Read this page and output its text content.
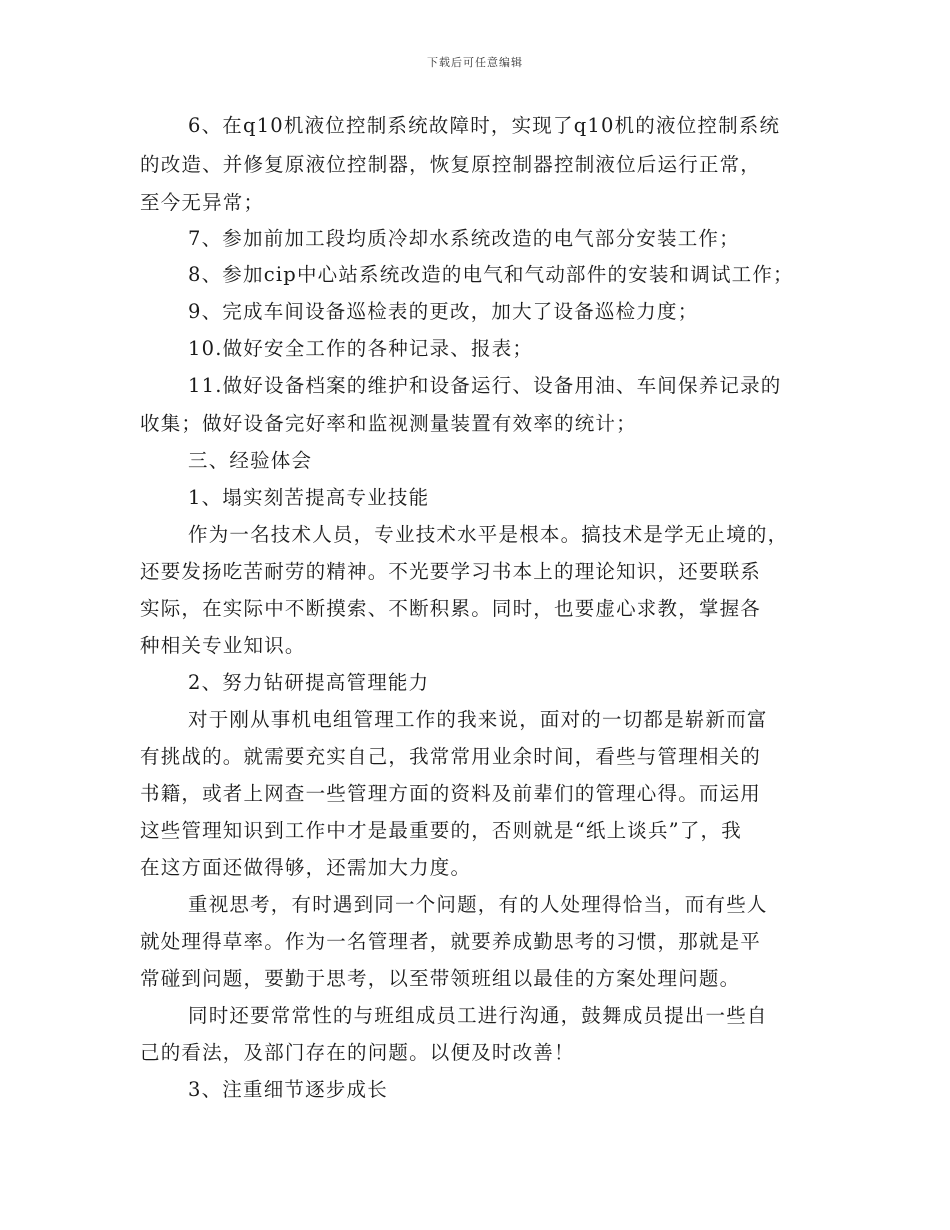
下载后可任意编辑
6、在q10机液位控制系统故障时，实现了q10机的液位控制系统
的改造、并修复原液位控制器，恢复原控制器控制液位后运行正常，
至今无异常；
7、参加前加工段均质冷却水系统改造的电气部分安装工作；
8、参加cip中心站系统改造的电气和气动部件的安装和调试工作；
9、完成车间设备巡检表的更改，加大了设备巡检力度；
10.做好安全工作的各种记录、报表；
11.做好设备档案的维护和设备运行、设备用油、车间保养记录的
收集；做好设备完好率和监视测量装置有效率的统计；
三、经验体会
1、塌实刻苦提高专业技能
作为一名技术人员，专业技术水平是根本。搞技术是学无止境的，
还要发扬吃苦耐劳的精神。不光要学习书本上的理论知识，还要联系
实际，在实际中不断摸索、不断积累。同时，也要虚心求教，掌握各
种相关专业知识。
2、努力钻研提高管理能力
对于刚从事机电组管理工作的我来说，面对的一切都是崭新而富
有挑战的。就需要充实自己，我常常用业余时间，看些与管理相关的
书籍，或者上网查一些管理方面的资料及前辈们的管理心得。而运用
这些管理知识到工作中才是最重要的，否则就是“纸上谈兵”了，我
在这方面还做得够，还需加大力度。
重视思考，有时遇到同一个问题，有的人处理得恰当，而有些人
就处理得草率。作为一名管理者，就要养成勤思考的习惯，那就是平
常碰到问题，要勤于思考，以至带领班组以最佳的方案处理问题。
同时还要常常性的与班组成员工进行沟通，鼓舞成员提出一些自
己的看法，及部门存在的问题。以便及时改善！
3、注重细节逐步成长
